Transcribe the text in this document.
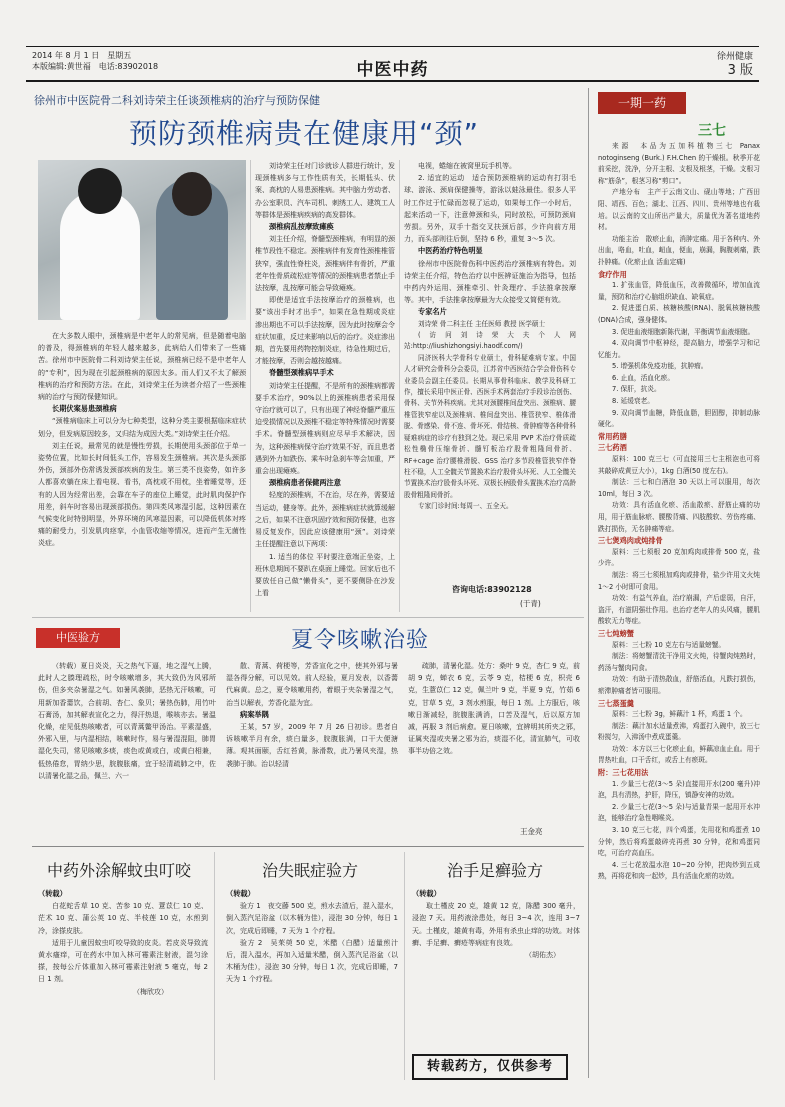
2014 年 8 月 1 日　星期五
本版编辑:黄世福　电话:83902018	中医中药
徐州健康
3 版
徐州市中医院骨二科刘诗荣主任谈颈椎病的治疗与预防保健
预防颈椎病贵在健康用“颈”

在大多数人眼中，颈椎病是中老年人的常见病，但是随着电脑的普及，得颈椎病的年轻人越来越多，此病给人们带来了一些痛苦。徐州市中医院骨二科刘诗荣主任说，颈椎病已经不是中老年人的“专利”，因为现在引起颈椎病的原因太多。而人们又不太了解颈椎病的治疗和预防方法。在此，刘诗荣主任为读者介绍了一些颈椎病的治疗与预防保健知识。

长期伏案易患颈椎病

“颈椎病临床上可以分为七种类型，这种分类主要根据临床症状划分，但发病原因较多，又归结为成因大类。”刘诗荣主任介绍。

刘主任说，最常见的就是慢性劳损，长期使用头颈部位于单一姿势位置，比如长时间低头工作，容易发生颈椎病。其次是头颈部外伤，颈部外伤常诱发颈部疾病的发生。第三类不良姿势，如许多人都喜欢躺在床上看电视、看书，高枕或不用枕，坐着睡觉等，还有的人因为经常出差，会靠在车子的座位上睡觉，此时肌肉保护作用差，斜车时容易出现颈部损伤。第四类风寒湿引起，这种因素在气候变化时特别明显，外界环境的风寒湿因素，可以降低机体对疼痛的耐受力，引发肌肉痉挛，小血管收缩等情况，进而产生无菌性炎症。

刘诗荣主任对门诊就诊人群进行统计，发现颈椎病多与工作性质有关，长期低头、伏案、高枕的人易患颈椎病。其中脑力劳动者、办公室职员、汽车司机、刺绣工人、建筑工人等群体是颈椎病疾病的高发群体。

颈椎病乱按摩致瘫痪

刘主任介绍，脊髓型颈椎病，有明显的颈椎节段性不稳定。颈椎病伴有发育性颈椎椎管狭窄，强直性脊柱炎，颈椎病伴有骨折，严重老年性骨质疏松症等情况的颈椎病患者禁止手法按摩，乱按摩可能会导致瘫痪。

即使是适宜手法按摩治疗的颈椎病，也要“该出手时才出手”，如果在急性期或炎症渗出期也不可以手法按摩，因为此时按摩会令症状加重，反过来影响以后的治疗。炎症渗出期，首先要用药物控制炎症，待急性期过后，才能按摩，否则会越按越痛。

脊髓型颈椎病早手术

刘诗荣主任提醒，不是所有的颈椎病都需要手术治疗，90%以上的颈椎病患者采用保守治疗就可以了，只有出现了神经脊髓严重压迫受损情况以及颈椎不稳定等特殊情况时需要手术。脊髓型颈椎病则应尽早手术解决，因为，这种颈椎病保守治疗效果不好，而且患者遇到外力如跌伤、乘车时急刹车等会加重，严重会出现瘫痪。

颈椎病患者保健两注意

轻度的颈椎病，不在治，尽在养，需要适当运动，健身等。此外，颈椎病症状就算缓解之后，如果不注意巩固疗效和预防保健，也容易反复发作，因此应该健康用“颈”。刘诗荣主任提醒注意以下两项：

1. 适当的体位 平时要注意端正坐姿，上班休息期间不要趴在桌面上睡觉。回家后也不要放任自己做“懒骨头”，更不要侧卧在沙发上看

电视，蜷缩在被窝里玩手机等。

2. 适宜的运动　适合预防颈椎病的运动有打羽毛球、游泳、颈肩保健操等，游泳以蛙泳最佳。很多人平时工作过于忙碌而忽视了运动，如果每工作一小时后，起来活动一下，注意伸颈和头，同时放松，可预防颈肩劳损。另外，双手十指交叉扶颈后部，少许向前方用力，而头部则往后倒，坚持 6 秒，重复 3～5 次。

中医药治疗特色明显

徐州市中医院骨伤科中医药治疗颈椎病有特色。刘诗荣主任介绍，特色治疗以中医辨证施治为指导，包括中药内外运用、颈椎牵引、针灸理疗、手法推拿按摩等。其中，手法推拿按摩最为大众接受又简便有效。

专家名片

刘诗荣 骨二科主任 主任医师 教授 医学硕士

(访问刘诗荣大夫个人网站:http://liushizhongsiyi.haodf.com/)

同济医科大学骨科专业硕士，骨科疑难病专家。中国人才研究会骨科分会委员，江苏省中西医结合学会骨伤科专业委员会副主任委员。长期从事骨科临床、教学及科研工作，擅长采用中医正骨、西医手术两套治疗手段诊治创伤、骨科、关节外科疾病。尤其对颈腰椎间盘突出、颈椎病、腰椎管狭窄症以及颈椎病、椎间盘突出、椎管狭窄、椎体滑脱、骨感染、骨不连、骨坏死、骨结核、骨肿瘤等各种骨科疑难病症的诊疗有独到之处。现已采用 PVP 术治疗骨质疏松性椭骨压缩骨折、髓钉板治疗股骨粗隆间骨折、RF+cage 治疗腰椎滑脱、GSS 治疗多节段椎管狭窄伴脊柱不稳，人工全髋关节置换术治疗股骨头坏死、人工全髋关节置换术治疗股骨头坏死、双极长柄股骨头置换术治疗高龄股骨粗隆间骨折。

专家门诊时间:每周一、五全天。

咨询电话:83902128
(于青)
一期一药
三七

来源　本品为五加科植物三七 Panax notoginseng (Burk.) F.H.Chen 的干燥根。秋季开花前采挖，洗净，分开主根、支根及根茎，干燥。支根习称“筋条”，根茎习称“剪口”。

产地分布　主产于云南文山、砚山等地；广西田阳、靖西、百色；湖北、江西、四川、贵州等地也有栽培。以云南的文山所出产量大，质量优为著名道地药材。

功能主治　散瘀止血，消肿定痛。用于各种内、外出血，咯血，吐血，衄血，便血，崩漏，胸腹刺痛，跌扑肿痛。(化瘀止血 活血定痛)

食疗作用

1. 扩张血管，降低血压，改善微循环，增加血流量，预防和治疗心脑组织缺血、缺氧症。

2. 促进蛋白质、核糖核酸(RNA)、脱氧核糖核酸(DNA)合成，强身健体。

3. 促进血液细胞新陈代谢，平衡调节血液细胞。

4. 双向调节中枢神经，提高脑力，增强学习和记忆能力。

5. 增强机体免疫功能，抗肿瘤。

6. 止血，活血化瘀。

7. 保肝，抗炎。

8. 延缓衰老。

9. 双向调节血糖，降低血脂，胆固醇，抑制动脉硬化。

常用药膳
三七药酒

原料：100 克三七（可直接用三七主根泡也可将其敲碎成黄豆大小），1kg 白酒(50 度左右)。

制法：三七和白酒泡 30 天以上可以服用，每次 10ml，每日 3 次。

功效：具有活血化瘀、活血散瘀、舒筋止痛的功用，用于筋血脉瘀、腰酸背痛、四肢酸软、劳伤疼痛、跌打损伤，无名肿痛等症。

三七煲鸡肉或炖排骨

原料：三七须根 20 克加鸡肉或排骨 500 克，盐少许。

制法：将三七须根加鸡肉或排骨，盐少许用文火炖 1～2 小时即可食用。

功效：有益气养血，治疗崩漏，产后虚弱，自汗，盗汗，有滋阴强壮作用。也治疗老年人的头风痛，腰肌酸软无力等症。

三七炖螃蟹

原料：三七粉 10 克左右与适量螃蟹。

制法：将螃蟹清洗干净用文火炖，待蟹肉炖熟时，药汤与蟹肉同食。

功效：有助于清热散血，舒筋活血，凡跌打损伤，瘀滞肿痛者皆可服用。

三七蒸蛋羹

原料：三七粉 3g，鲜藕汁 1 杯，鸡蛋 1 个。

制法：藕汁加水适量煮沸，鸡蛋打入碗中，放三七粉搅匀，入沸汤中煮成蛋羹。

功效：本方以三七化瘀止血，鲜藕凉血止血。用于胃热吐血，口干舌红，或舌上有瘀斑。

附：三七花用法

1. 少量三七花(3～5 朵)直接用开水(200 毫升)冲泡，具有清热，护肝，降压，镇静安神的功效。

2. 少量三七花(3～5 朵)与适量青果一起用开水冲泡，能够治疗急性咽喉炎。

3. 10 克三七花，四个鸡蛋，先用花和鸡蛋煮 10 分钟，然后将鸡蛋敲碎壳再煮 30 分钟，花和鸡蛋同吃，可治疗高血压。

4. 三七花放温水泡 10~20 分钟，把肉炒到五成熟，再将花和肉一起炒，具有活血化瘀的功效。

中医验方	夏令咳嗽治验

（转载）夏日炎炎，天之热气下逼，地之湿气上腾，此时人之腠理疏松，时令咳嗽增多，其大致仍为风邪所伤，但多夹杂暑湿之气。如暑风袭肺，恶热无汗咳嗽，可用新加香薷饮，合前胡、杏仁、象贝；暑热伤肺，用竹叶石膏汤，加其解表宣化之力，得汗热退，喉咳亦去。暑温化燥，症见低热咳嗽者，可以青蒿鳖甲汤治。平素湿盛，外邪入里，与内湿相结，咳嗽时作，易与暑湿混阻，肺胃湿化失司，常见咳嗽多痰，痰色或黄或白，或黄白相兼，低热倦怠，胃纳少思，脘腹胀痛，宜于轻清疏肺之中，佐以清暑化湿之品，佩兰、六一

散、青蒿、荷梗等，芳香宣化之中，使其外邪与暑湿各得分解，可以见效。前人经验，夏月发表，以香薷代麻黄。总之，夏令咳嗽用药，着眼于夹杂暑湿之气，治当以解表，芳香化湿为宜。

病案举隅

王某，57 岁，2009 年 7 月 26 日初诊。患者自诉咳嗽半月有余，痰白量多，脘腹胀满，口干大便溏薄。观其面颐，舌红苔黄，脉滑数，此乃暑风夹湿，热袭肺于肺。治以轻清

疏肺，清暑化湿。处方：桑叶 9 克，杏仁 9 克，前胡 9 克，蝉衣 6 克，云苓 9 克，桔梗 6 克，枳壳 6 克，生薏苡仁 12 克，佩兰叶 9 克，半夏 9 克，竹茹 6 克，甘草 5 克，3 剂水煎服，每日 1 剂。上方服后，咳嗽日渐减轻，脘腹胀满消，口苦及湿气，后以原方加减，再服 3 剂后病愈。夏日咳嗽，宜辨明其所夹之邪，证属夹湿或夹暑之邪为治，痰湿不化，清宣肺气，可收事半功倍之效。

王金亮
中药外涂解蚊虫叮咬
（转载）

白花蛇舌草 10 克、苦参 10 克、薏苡仁 10 克、茫术 10 克、蒲公英 10 克、半枝莲 10 克，水煎到冷，涂搽皮肤。

适用于儿童因蚊虫叮咬导致的皮炎。若皮炎导致流黄水瘙痒，可在药水中加入林可霉素注射液，混匀涂搽，按每公斤体重加入林可霉素注射液 5 毫克，每 2 日 1 剂。

（梅欣攻）
治失眠症验方
（转载）

验方 1　夜交藤 500 克，煎水去渣后，混入湿水，倒入蒸汽足浴盆（以木桶为佳），浸泡 30 分钟，每日 1 次，完成后即睡，7 天为 1 个疗程。

验方 2　吴茱萸 50 克，米醋（白醋）适量煎汁后，混入温水，再加入适量米醋，倒入蒸汽足浴盆（以木桶为佳），浸泡 30 分钟，每日 1 次，完成后即睡，7 天为 1 个疗程。

治手足癣验方
（转载）

取土槿皮 20 克，雄黄 12 克，陈醋 300 毫升，浸泡 7 天。用药液涂患处，每日 3~4 次，连用 3~7 天。土槿皮，雄黄有毒，外用有杀虫止痒的功效。对体癣、手足癣、癣疮等病症有良效。

（胡佑杰）
转载药方，仅供参考
